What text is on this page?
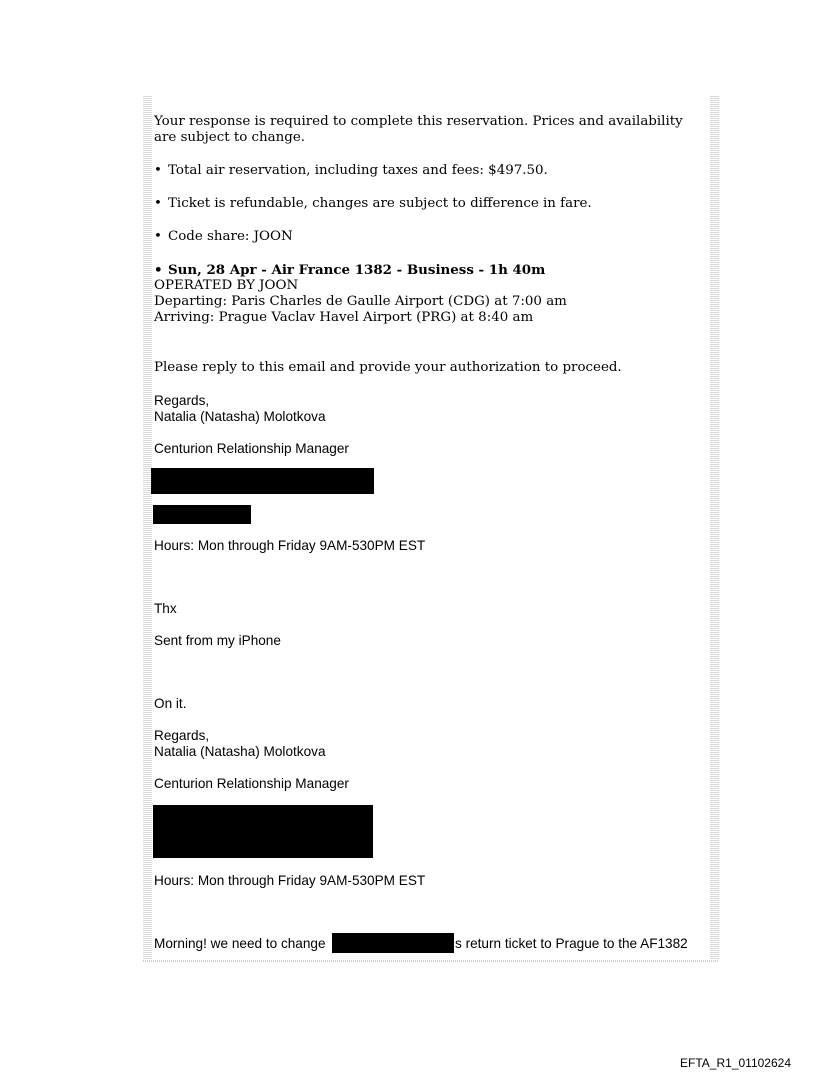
Your response is required to complete this reservation. Prices and availability
are subject to change.
• Total air reservation, including taxes and fees: $497.50.
• Ticket is refundable, changes are subject to difference in fare.
• Code share: JOON
• Sun, 28 Apr - Air France 1382 - Business - 1h 40m
OPERATED BY JOON
Departing: Paris Charles de Gaulle Airport (CDG) at 7:00 am
Arriving: Prague Vaclav Havel Airport (PRG) at 8:40 am
Please reply to this email and provide your authorization to proceed.
Regards,
Natalia (Natasha) Molotkova
Centurion Relationship Manager
Hours: Mon through Friday 9AM-530PM EST
Thx
Sent from my iPhone
On it.
Regards,
Natalia (Natasha) Molotkova
Centurion Relationship Manager
Hours: Mon through Friday 9AM-530PM EST
Morning! we need to change	s return ticket to Prague to the AF1382
EFTA_R1_01102624
